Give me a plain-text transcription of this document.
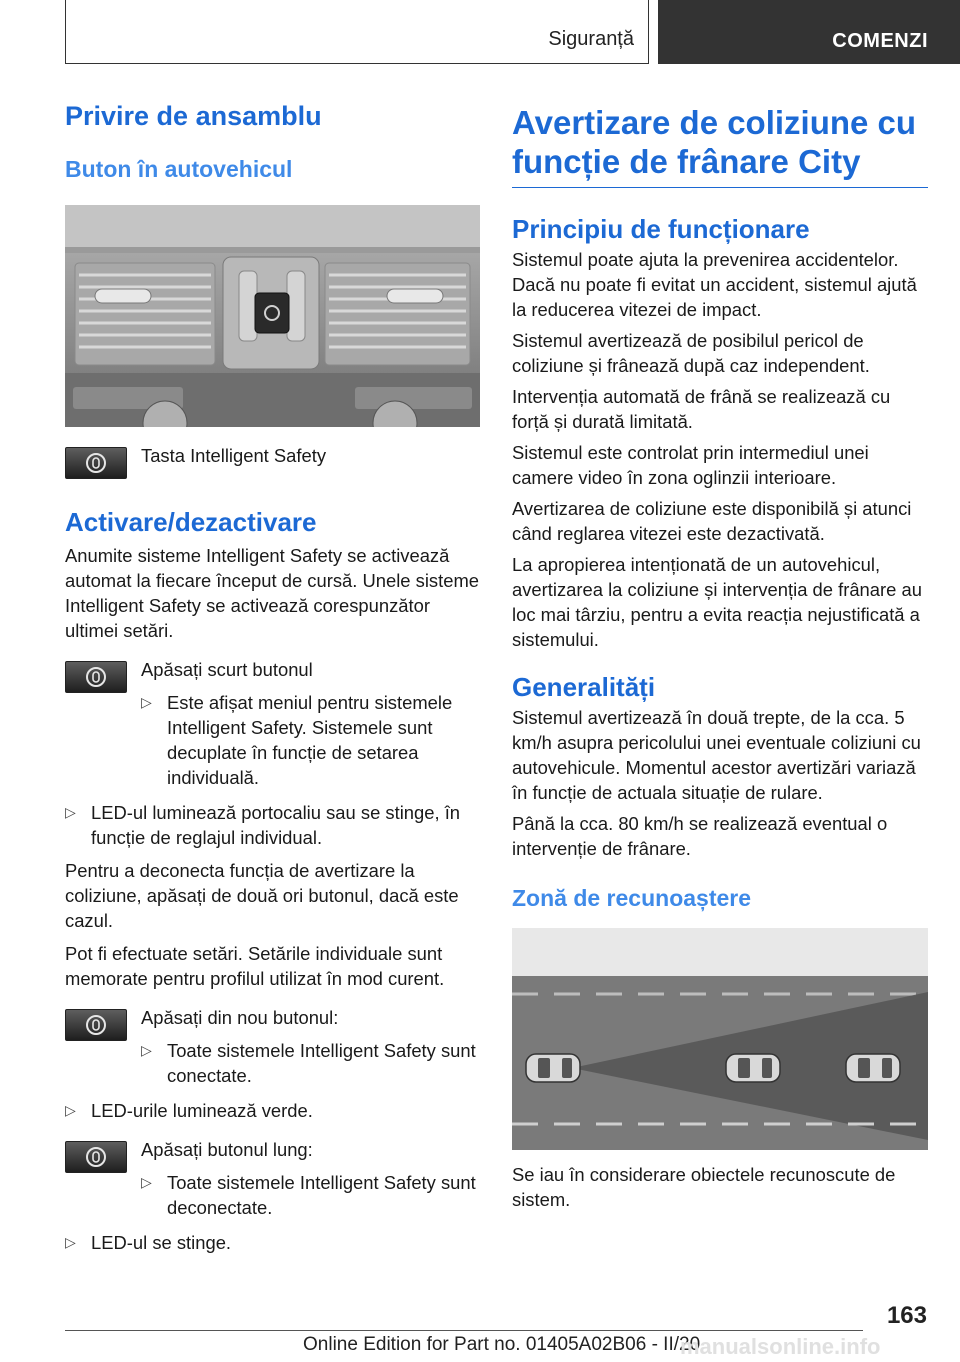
Siguranță	COMENZI
Privire de ansamblu
Buton în autovehicul

Tasta Intelligent Safety

Activare/dezactivare

Anumite sisteme Intelligent Safety se activează automat la fiecare început de cursă. Unele sisteme Intelligent Safety se activează corespunzător ultimei setări.

Apăsați scurt butonul

▷ Este afișat meniul pentru sistemele Intelligent Safety. Sistemele sunt decuplate în funcție de setarea individuală.

▷ LED-ul luminează portocaliu sau se stinge, în funcție de reglajul individual.

Pentru a deconecta funcția de avertizare la coliziune, apăsați de două ori butonul, dacă este cazul.

Pot fi efectuate setări. Setările individuale sunt memorate pentru profilul utilizat în mod curent.

Apăsați din nou butonul:

▷ Toate sistemele Intelligent Safety sunt conectate.

▷ LED-urile luminează verde.

Apăsați butonul lung:

▷ Toate sistemele Intelligent Safety sunt deconectate.

▷ LED-ul se stinge.

Avertizare de coliziune cu funcție de frânare City
Principiu de funcționare

Sistemul poate ajuta la prevenirea accidentelor. Dacă nu poate fi evitat un accident, sistemul ajută la reducerea vitezei de impact.

Sistemul avertizează de posibilul pericol de coliziune și frânează după caz independent.

Intervenția automată de frână se realizează cu forță și durată limitată.

Sistemul este controlat prin intermediul unei camere video în zona oglinzii interioare.

Avertizarea de coliziune este disponibilă și atunci când reglarea vitezei este dezactivată.

La apropierea intenționată de un autovehicul, avertizarea la coliziune și intervenția de frânare au loc mai târziu, pentru a evita reacția nejustificată a sistemului.

Generalități

Sistemul avertizează în două trepte, de la cca. 5 km/h asupra pericolului unei eventuale coliziuni cu autovehicule. Momentul acestor avertizări variază în funcție de actuala situație de rulare.

Până la cca. 80 km/h se realizează eventual o intervenție de frânare.

Zonă de recunoaștere

Se iau în considerare obiectele recunoscute de sistem.

163
Online Edition for Part no. 01405A02B06 - II/20
manualsonline.info
